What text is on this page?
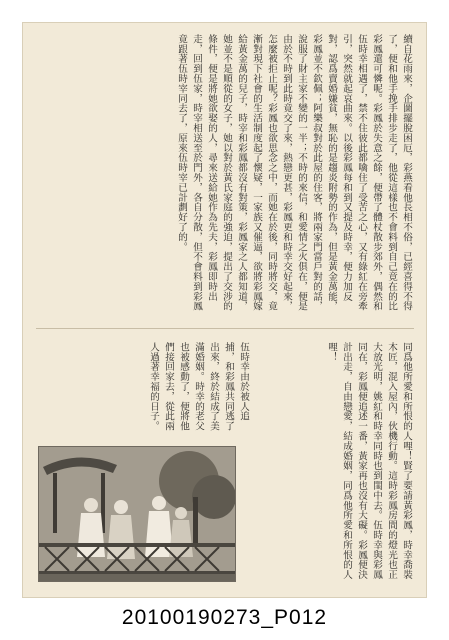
續自花雨來，企圖擺脫困厄，彩燕看他長相不俗，已經喜得不得了，便和他手挽手排步走了，他從這樣也不會料到自己竟在的比彩鳳還可憐呢。彩鳳於失意之餘，便帶了體杖散步郊外，偶然和伍時幸相遇了，禁不住彼此都噙住了受苦之心，又有綠紅在旁牽引，突然就起哀曲來。以後彩鳳每和到又提及時幸，便力加反對，認爲賣婚嫌貧，無恥的是趨炎附勢的作為，但是黃金萬能，彩鳳並不欽佩；阿樂叔對於此屋的住客，將兩家門當戶對的話，說服了財主家不變的一半；不時的來信，和愛情之火俱在，便是由於不時到此時竟交了來，熱戀更甚，彩鳳更和時幸交好起來，怎麼被拒止呢？彩鳳也欲思念之中，而她在於後，同時將交，竟漸對現下社會的生活制度起了懷疑，一家族又催逼，欲將彩鳳嫁給黃金萬的兒子，時宰和彩鳳都沒有對策，彩鳳家之人都知道，她並不是順從的女子，她以對於黃氏家庭的強迫，提出了交涉的條件，便是將她欲娶的人，尋來送給她作為先夫，彩鳳即時出走，回到伍家，時宰相送至於門外，各自分散，但不會料到彩鳳竟跟著伍時宰同去了，原來伍時宰已計劃好了的。
同爲他所愛和所恨的人哩！賢了要請黃彩鳳，時幸喬裝木匠，混入屋內，伙機行動。這時彩鳳房間的燈光也正大放光明，姚紅和時幸同時也到閨中去。伍時幸與彩鳳同在，彩鳳便追述一番，黃家再也沒有大礙。彩鳳便決計出走，自由戀愛，結成婚姻，同爲他所愛和所恨的人哩！
伍時幸由於被人追捕，和彩鳳共同逃了出來，終於結成了美滿婚姻。時幸的老父也被感動了，便將他們接回家去，從此兩人過著幸福的日子。
20100190273_P012
